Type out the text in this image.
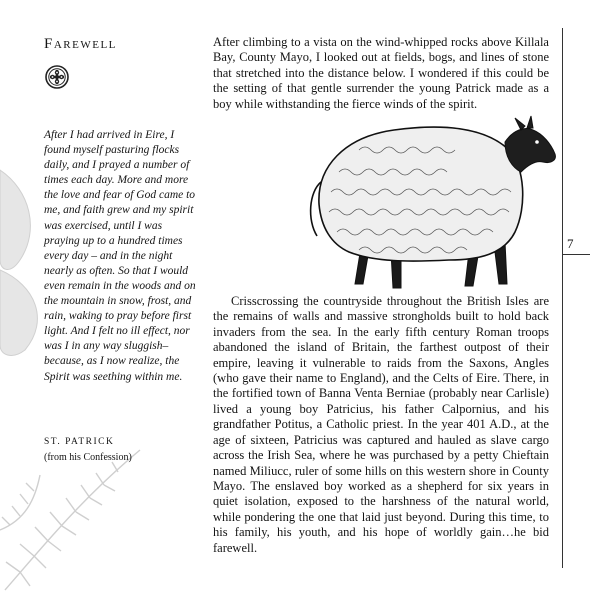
Farewell

After I had arrived in Eire, I found myself pasturing flocks daily, and I prayed a number of times each day. More and more the love and fear of God came to me, and faith grew and my spirit was exercised, until I was praying up to a hundred times every day – and in the night nearly as often. So that I would even remain in the woods and on the mountain in snow, frost, and rain, waking to pray before first light. And I felt no ill effect, nor was I in any way sluggish–because, as I now realize, the Spirit was seething within me.

ST. PATRICK
(from his Confession)

After climbing to a vista on the wind-whipped rocks above Killala Bay, County Mayo, I looked out at fields, bogs, and lines of stone that stretched into the distance below. I wondered if this could be the setting of that gentle surrender the young Patrick made as a boy while withstanding the fierce winds of the spirit.

Crisscrossing the countryside throughout the British Isles are the remains of walls and massive strongholds built to hold back invaders from the sea. In the early fifth century Roman troops abandoned the island of Britain, the farthest outpost of their empire, leaving it vulnerable to raids from the Saxons, Angles (who gave their name to England), and the Celts of Eire. There, in the fortified town of Banna Venta Berniae (probably near Carlisle) lived a young boy Patricius, his father Calpornius, and his grandfather Potitus, a Catholic priest. In the year 401 A.D., at the age of sixteen, Patricius was captured and hauled as slave cargo across the Irish Sea, where he was purchased by a petty Chieftain named Miliucc, ruler of some hills on this western shore in County Mayo. The enslaved boy worked as a shepherd for six years in quiet isolation, exposed to the harshness of the natural world, while pondering the one that laid just beyond. During this time, to his family, his youth, and his hope of worldly gain…he bid farewell.

7
